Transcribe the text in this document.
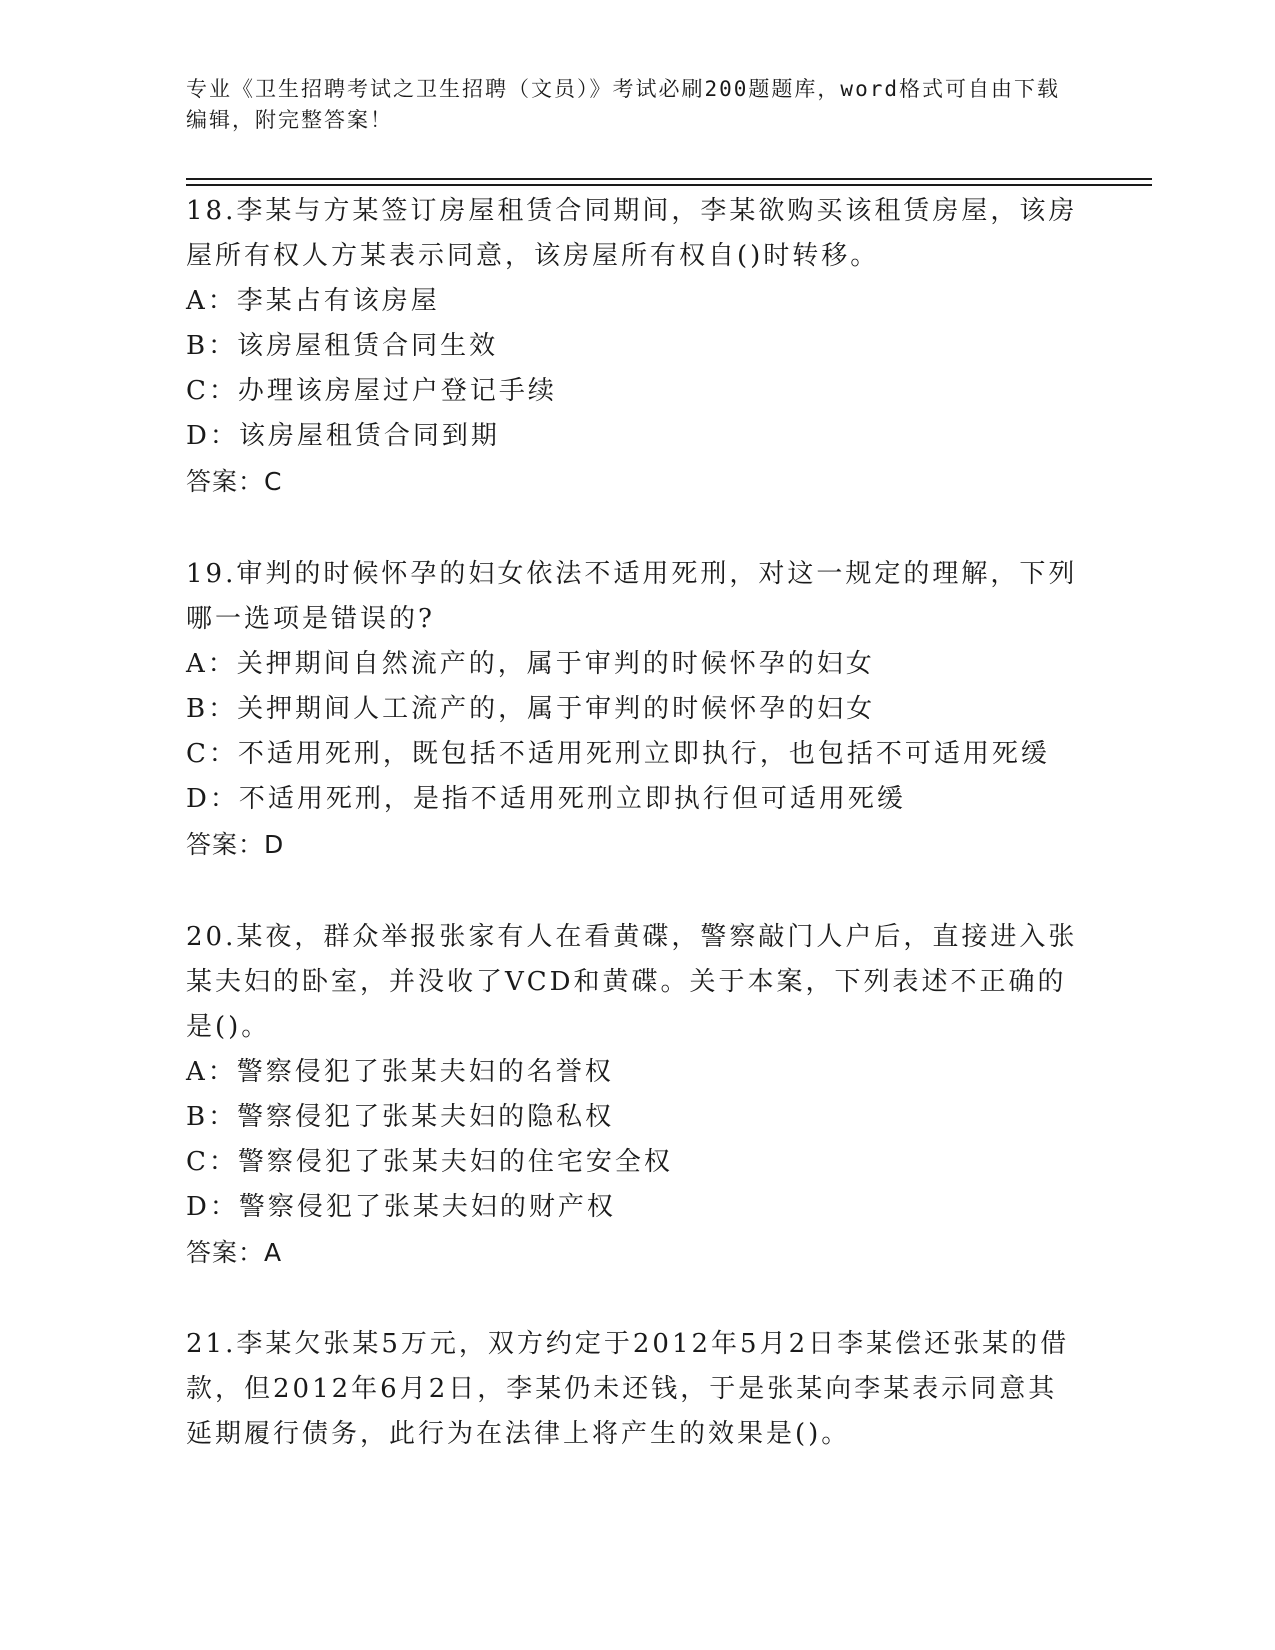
专业《卫生招聘考试之卫生招聘（文员）》考试必刷200题题库，word格式可自由下载编辑，附完整答案！

18.李某与方某签订房屋租赁合同期间，李某欲购买该租赁房屋，该房屋所有权人方某表示同意，该房屋所有权自()时转移。

A：李某占有该房屋

B：该房屋租赁合同生效

C：办理该房屋过户登记手续

D：该房屋租赁合同到期

答案：C

19.审判的时候怀孕的妇女依法不适用死刑，对这一规定的理解，下列哪一选项是错误的?

A：关押期间自然流产的，属于审判的时候怀孕的妇女

B：关押期间人工流产的，属于审判的时候怀孕的妇女

C：不适用死刑，既包括不适用死刑立即执行，也包括不可适用死缓

D：不适用死刑，是指不适用死刑立即执行但可适用死缓

答案：D

20.某夜，群众举报张家有人在看黄碟，警察敲门人户后，直接进入张某夫妇的卧室，并没收了VCD和黄碟。关于本案，下列表述不正确的是()。

A：警察侵犯了张某夫妇的名誉权

B：警察侵犯了张某夫妇的隐私权

C：警察侵犯了张某夫妇的住宅安全权

D：警察侵犯了张某夫妇的财产权

答案：A

21.李某欠张某5万元，双方约定于2012年5月2日李某偿还张某的借款，但2012年6月2日，李某仍未还钱，于是张某向李某表示同意其延期履行债务，此行为在法律上将产生的效果是()。
